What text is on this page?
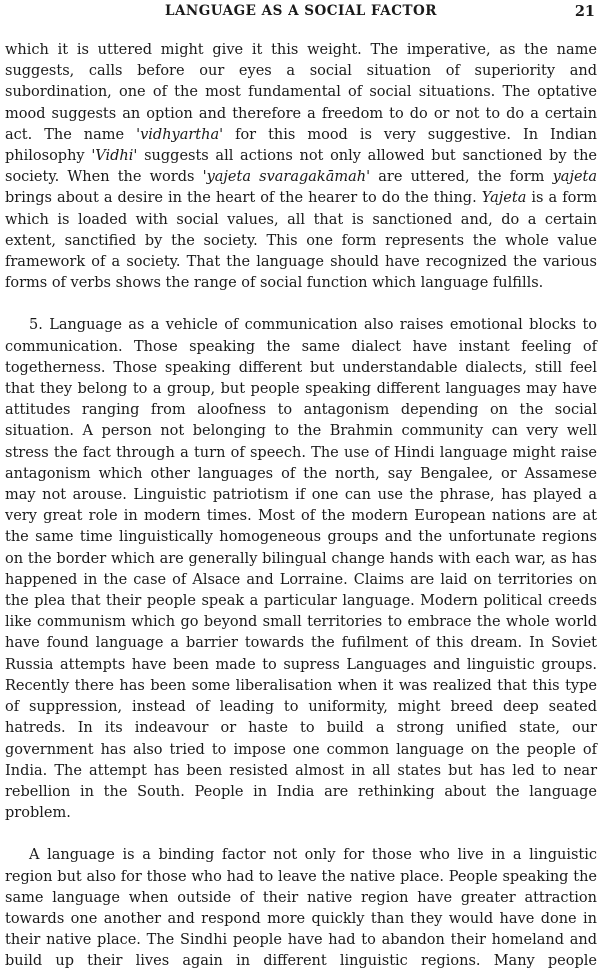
LANGUAGE AS A SOCIAL FACTOR	21

which it is uttered might give it this weight. The imperative, as the name suggests, calls before our eyes a social situation of superiority and subordination, one of the most fundamental of social situations. The optative mood suggests an option and therefore a freedom to do or not to do a certain act. The name 'vidhyartha' for this mood is very suggestive. In Indian philosophy 'Vidhi' suggests all actions not only allowed but sanctioned by the society. When the words 'yajeta svaragakāmah' are uttered, the form yajeta brings about a desire in the heart of the hearer to do the thing. Yajeta is a form which is loaded with social values, all that is sanctioned and, do a certain extent, sanctified by the society. This one form represents the whole value framework of a society. That the language should have recognized the various forms of verbs shows the range of social function which language fulfills.

5. Language as a vehicle of communication also raises emotional blocks to communication. Those speaking the same dialect have instant feeling of togetherness. Those speaking different but understandable dialects, still feel that they belong to a group, but people speaking different languages may have attitudes ranging from aloofness to antagonism depending on the social situation. A person not belonging to the Brahmin community can very well stress the fact through a turn of speech. The use of Hindi language might raise antagonism which other languages of the north, say Bengalee, or Assamese may not arouse. Linguistic patriotism if one can use the phrase, has played a very great role in modern times. Most of the modern European nations are at the same time linguistically homogeneous groups and the unfortunate regions on the border which are generally bilingual change hands with each war, as has happened in the case of Alsace and Lorraine. Claims are laid on territories on the plea that their people speak a particular language. Modern political creeds like communism which go beyond small territories to embrace the whole world have found language a barrier towards the fufilment of this dream. In Soviet Russia attempts have been made to supress Languages and linguistic groups. Recently there has been some liberalisation when it was realized that this type of suppression, instead of leading to uniformity, might breed deep seated hatreds. In its indeavour or haste to build a strong unified state, our government has also tried to impose one common language on the people of India. The attempt has been resisted almost in all states but has led to near rebellion in the South. People in India are rethinking about the language problem.

A language is a binding factor not only for those who live in a linguistic region but also for those who had to leave the native place. People speaking the same language when outside of their native region have greater attraction towards one another and respond more quickly than they would have done in their native place. The Sindhi people have had to abandon their homeland and build up their lives again in different linguistic regions. Many people
